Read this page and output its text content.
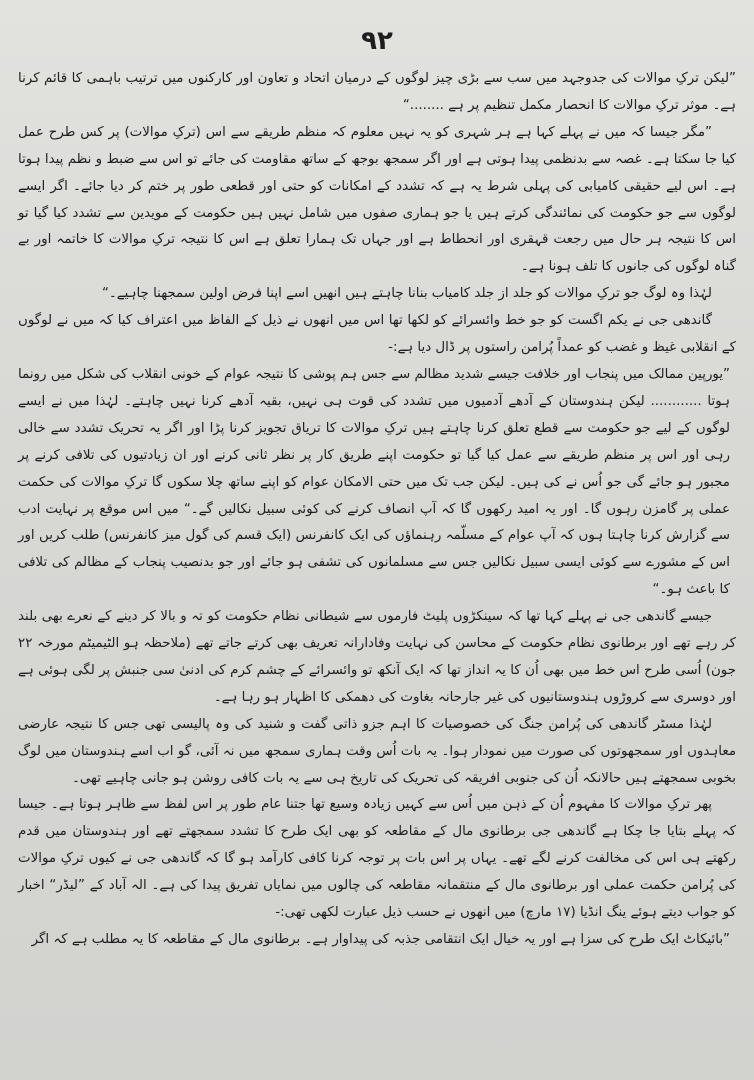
۹۲

”لیکن ترکِ موالات کی جدوجہد میں سب سے بڑی چیز لوگوں کے درمیان اتحاد و تعاون اور کارکنوں میں ترتیب باہمی کا قائم کرنا ہے۔ موثر ترکِ موالات کا انحصار مکمل تنظیم پر ہے ........“

”مگر جیسا کہ میں نے پہلے کہا ہے ہر شہری کو یہ نہیں معلوم کہ منظم طریقے سے اس (ترکِ موالات) پر کس طرح عمل کیا جا سکتا ہے۔ غصہ سے بدنظمی پیدا ہوتی ہے اور اگر سمجھ بوجھ کے ساتھ مقاومت کی جائے تو اس سے ضبط و نظم پیدا ہوتا ہے۔ اس لیے حقیقی کامیابی کی پہلی شرط یہ ہے کہ تشدد کے امکانات کو حتی اور قطعی طور پر ختم کر دیا جائے۔ اگر ایسے لوگوں سے جو حکومت کی نمائندگی کرتے ہیں یا جو ہماری صفوں میں شامل نہیں ہیں حکومت کے مویدین سے تشدد کیا گیا تو اس کا نتیجہ ہر حال میں رجعت قہقری اور انحطاط ہے اور جہاں تک ہمارا تعلق ہے اس کا نتیجہ ترکِ موالات کا خاتمہ اور بے گناہ لوگوں کی جانوں کا تلف ہونا ہے۔

لہٰذا وہ لوگ جو ترکِ موالات کو جلد از جلد کامیاب بنانا چاہتے ہیں انھیں اسے اپنا فرض اولین سمجھنا چاہیے۔“

گاندھی جی نے یکم اگست کو جو خط وائسرائے کو لکھا تھا اس میں انھوں نے ذیل کے الفاظ میں اعتراف کیا کہ میں نے لوگوں کے انقلابی غیظ و غضب کو عمداً پُرامن راستوں پر ڈال دیا ہے:-

”یورپین ممالک میں پنجاب اور خلافت جیسے شدید مظالم سے جس ہم پوشی کا نتیجہ عوام کے خونی انقلاب کی شکل میں رونما ہوتا ............ لیکن ہندوستان کے آدھے آدمیوں میں تشدد کی قوت ہی نہیں، بقیہ آدھے کرنا نہیں چاہتے۔ لہٰذا میں نے ایسے لوگوں کے لیے جو حکومت سے قطع تعلق کرنا چاہتے ہیں ترکِ موالات کا تریاق تجویز کرنا پڑا اور اگر یہ تحریک تشدد سے خالی رہی اور اس پر منظم طریقے سے عمل کیا گیا تو حکومت اپنے طریق کار پر نظر ثانی کرنے اور ان زیادتیوں کی تلافی کرنے پر مجبور ہو جائے گی جو اُس نے کی ہیں۔ لیکن جب تک میں حتی الامکان عوام کو اپنے ساتھ چلا سکوں گا ترکِ موالات کی حکمت عملی پر گامزن رہوں گا۔ اور یہ امید رکھوں گا کہ آپ انصاف کرنے کی کوئی سبیل نکالیں گے۔“ میں اس موقع پر نہایت ادب سے گزارش کرنا چاہتا ہوں کہ آپ عوام کے مسلّمہ رہنماؤں کی ایک کانفرنس (ایک قسم کی گول میز کانفرنس) طلب کریں اور اس کے مشورے سے کوئی ایسی سبیل نکالیں جس سے مسلمانوں کی تشفی ہو جائے اور جو بدنصیب پنجاب کے مظالم کی تلافی کا باعث ہو۔“

جیسے گاندھی جی نے پہلے کہا تھا کہ سینکڑوں پلیٹ فارموں سے شیطانی نظام حکومت کو تہ و بالا کر دینے کے نعرے بھی بلند کر رہے تھے اور برطانوی نظام حکومت کے محاسن کی نہایت وفادارانہ تعریف بھی کرتے جاتے تھے (ملاحظہ ہو الٹیمیٹم مورخہ ۲۲ جون) اُسی طرح اس خط میں بھی اُن کا یہ انداز تھا کہ ایک آنکھ تو وائسرائے کے چشم کرم کی ادنیٰ سی جنبش پر لگی ہوئی ہے اور دوسری سے کروڑوں ہندوستانیوں کی غیر جارحانہ بغاوت کی دھمکی کا اظہار ہو رہا ہے۔

لہٰذا مسٹر گاندھی کی پُرامن جنگ کی خصوصیات کا اہم جزو ذاتی گفت و شنید کی وہ پالیسی تھی جس کا نتیجہ عارضی معاہدوں اور سمجھوتوں کی صورت میں نمودار ہوا۔ یہ بات اُس وقت ہماری سمجھ میں نہ آئی، گو اب اسے ہندوستان میں لوگ بخوبی سمجھتے ہیں حالانکہ اُن کی جنوبی افریقہ کی تحریک کی تاریخ ہی سے یہ بات کافی روشن ہو جانی چاہیے تھی۔

پھر ترکِ موالات کا مفہوم اُن کے ذہن میں اُس سے کہیں زیادہ وسیع تھا جتنا عام طور پر اس لفظ سے ظاہر ہوتا ہے۔ جیسا کہ پہلے بتایا جا چکا ہے گاندھی جی برطانوی مال کے مقاطعہ کو بھی ایک طرح کا تشدد سمجھتے تھے اور ہندوستان میں قدم رکھتے ہی اس کی مخالفت کرنے لگے تھے۔ یہاں پر اس بات پر توجہ کرنا کافی کارآمد ہو گا کہ گاندھی جی نے کیوں ترکِ موالات کی پُرامن حکمت عملی اور برطانوی مال کے منتقمانہ مقاطعہ کی چالوں میں نمایاں تفریق پیدا کی ہے۔ الہ آباد کے ”لیڈر“ اخبار کو جواب دیتے ہوئے ینگ انڈیا (۱۷ مارچ) میں انھوں نے حسب ذیل عبارت لکھی تھی:-

”بائیکاٹ ایک طرح کی سزا ہے اور یہ خیال ایک انتقامی جذبہ کی پیداوار ہے۔ برطانوی مال کے مقاطعہ کا یہ مطلب ہے کہ اگر
